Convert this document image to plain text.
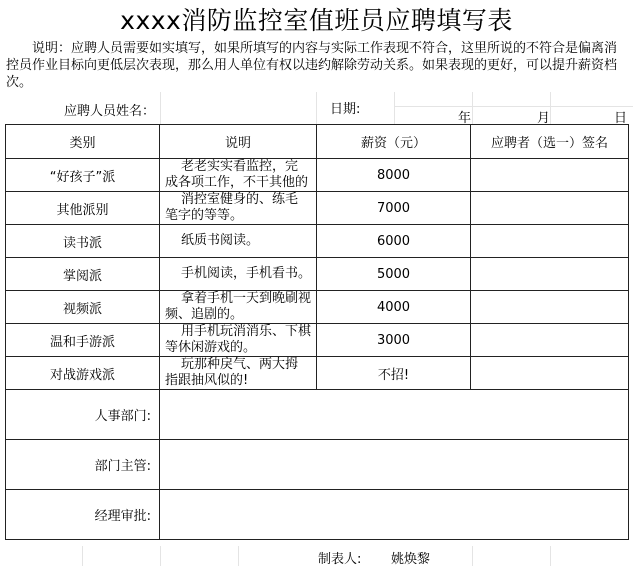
xxxx消防监控室值班员应聘填写表
说明：应聘人员需要如实填写，如果所填写的内容与实际工作表现不符合，这里所说的不符合是偏离消控员作业目标向更低层次表现，那么用人单位有权以违约解除劳动关系。如果表现的更好，可以提升薪资档次。
应聘人员姓名：	日期:
年	月	日
类别	说明	薪资（元）	应聘者（选一）签名
“好孩子”派	老老实实看监控，完
成各项工作，不干其他的	8000	
其他派别	消控室健身的、练毛
笔字的等等。	7000	
读书派	纸质书阅读。	6000	
掌阅派	手机阅读，手机看书。	5000	
视频派	拿着手机一天到晚刷视
频、追剧的。	4000	
温和手游派	用手机玩消消乐、下棋
等休闲游戏的。	3000	
对战游戏派	玩那种戾气、两大拇
指跟抽风似的!	不招!	
人事部门:			
部门主管:			
经理审批:			
制表人: 姚焕黎
